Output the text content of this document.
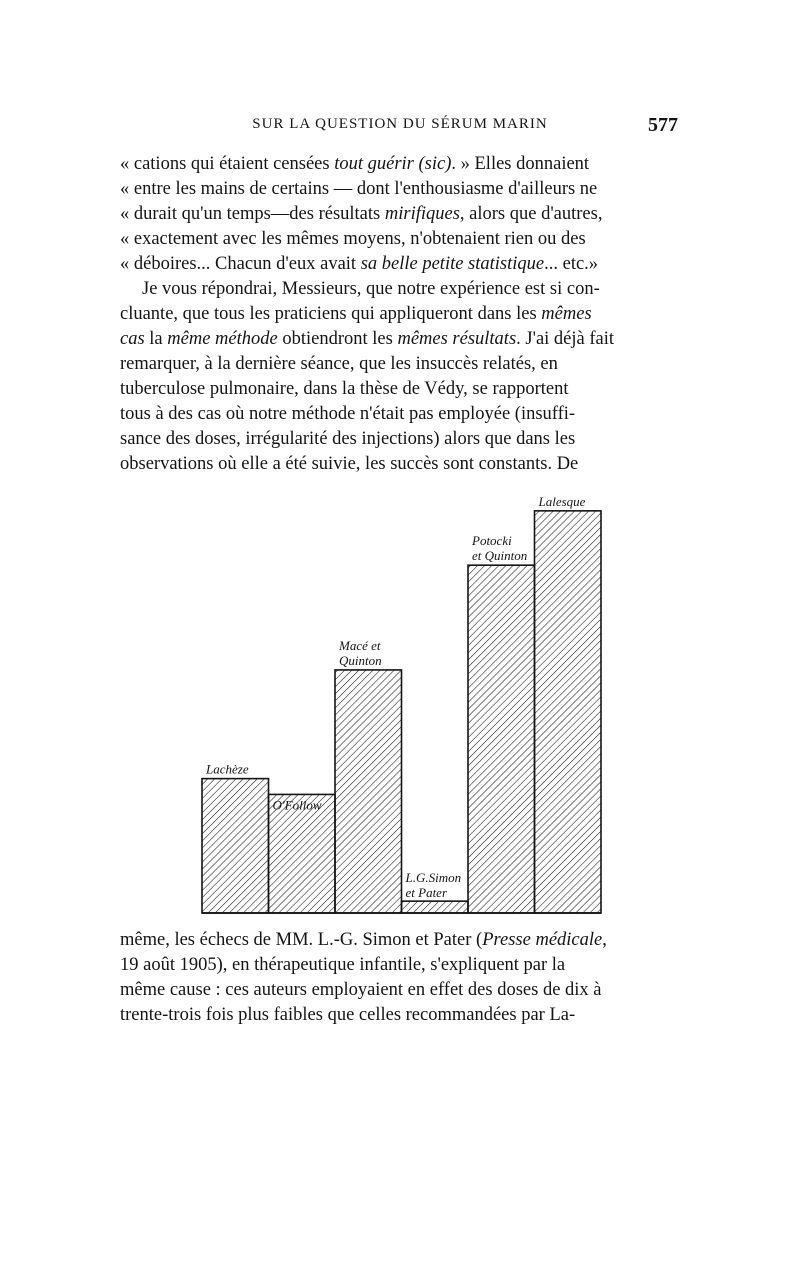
SUR LA QUESTION DU SÉRUM MARIN	577

« cations qui étaient censées tout guérir (sic). » Elles donnaient

« entre les mains de certains — dont l'enthousiasme d'ailleurs ne

« durait qu'un temps—des résultats mirifiques, alors que d'autres,

« exactement avec les mêmes moyens, n'obtenaient rien ou des

« déboires... Chacun d'eux avait sa belle petite statistique... etc.»

Je vous répondrai, Messieurs, que notre expérience est si con-

cluante, que tous les praticiens qui appliqueront dans les mêmes

cas la même méthode obtiendront les mêmes résultats. J'ai déjà fait

remarquer, à la dernière séance, que les insuccès relatés, en

tuberculose pulmonaire, dans la thèse de Védy, se rapportent

tous à des cas où notre méthode n'était pas employée (insuffi-

sance des doses, irrégularité des injections) alors que dans les

observations où elle a été suivie, les succès sont constants. De

Lachèze
O'Follow
Macé et
Quinton
L.G.Simon
et Pater
Potocki
et Quinton
Lalesque

même, les échecs de MM. L.-G. Simon et Pater (Presse médicale,

19 août 1905), en thérapeutique infantile, s'expliquent par la

même cause : ces auteurs employaient en effet des doses de dix à

trente-trois fois plus faibles que celles recommandées par La-
